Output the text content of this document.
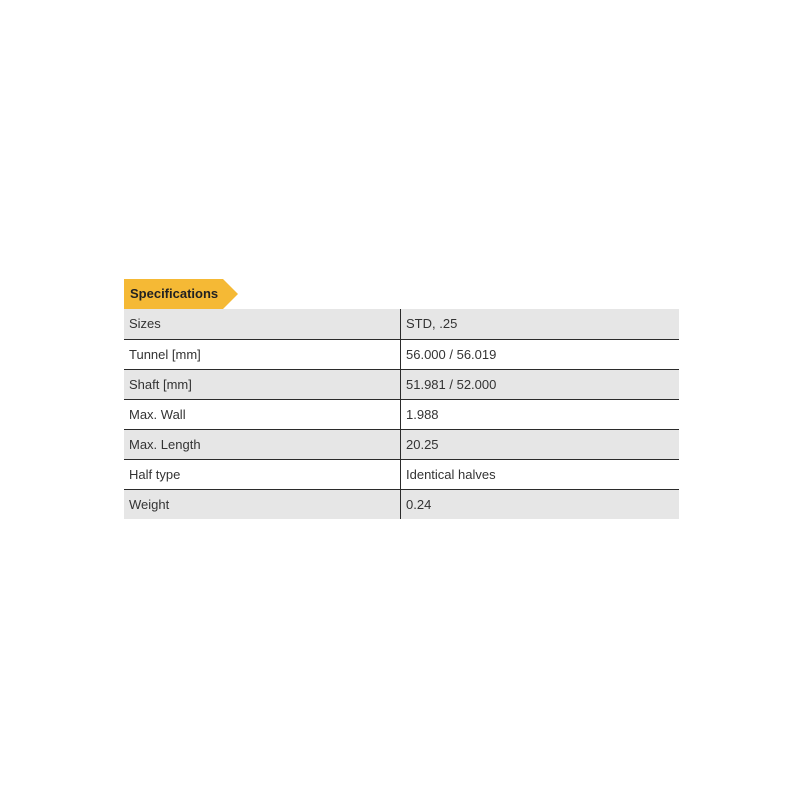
Specifications
Sizes	STD, .25
Tunnel [mm]	56.000 / 56.019
Shaft [mm]	51.981 / 52.000
Max. Wall	1.988
Max. Length	20.25
Half type	Identical halves
Weight	0.24
